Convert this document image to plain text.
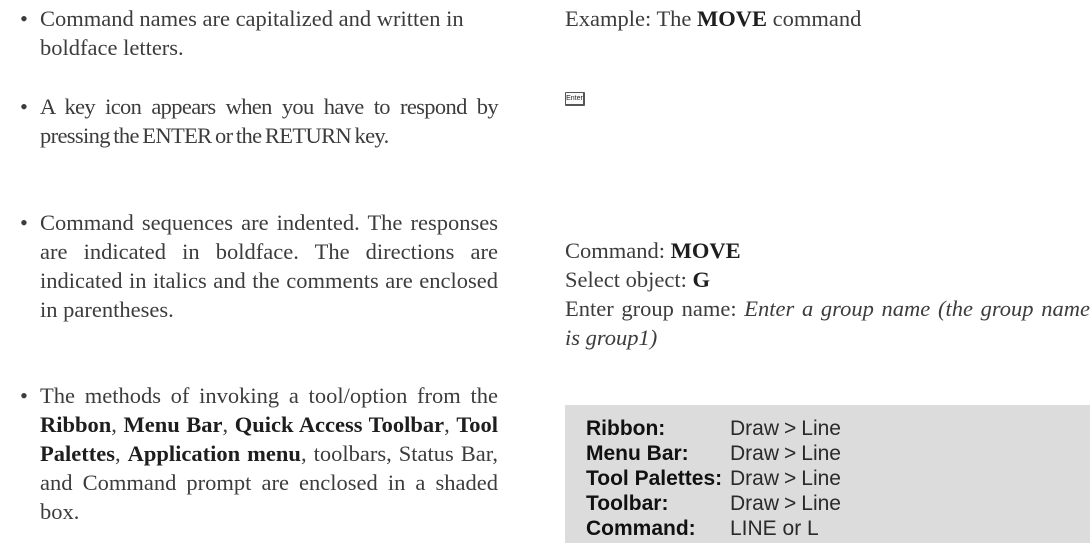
• Command names are capitalized and written in boldface letters.
Example: The MOVE command
• A key icon appears when you have to respond by pressing the ENTER or the RETURN key.
Enter
• Command sequences are indented. The responses are indicated in boldface. The directions are indicated in italics and the comments are enclosed in parentheses.
Command: MOVE
Select object: G
Enter group name: Enter a group name (the group name is group1)
• The methods of invoking a tool/option from the Ribbon, Menu Bar, Quick Access Toolbar, Tool Palettes, Application menu, toolbars, Status Bar, and Command prompt are enclosed in a shaded box.
Ribbon:	Draw > Line
Menu Bar:	Draw > Line
Tool Palettes: Draw > Line
Toolbar:	Draw > Line
Command:	LINE or L
